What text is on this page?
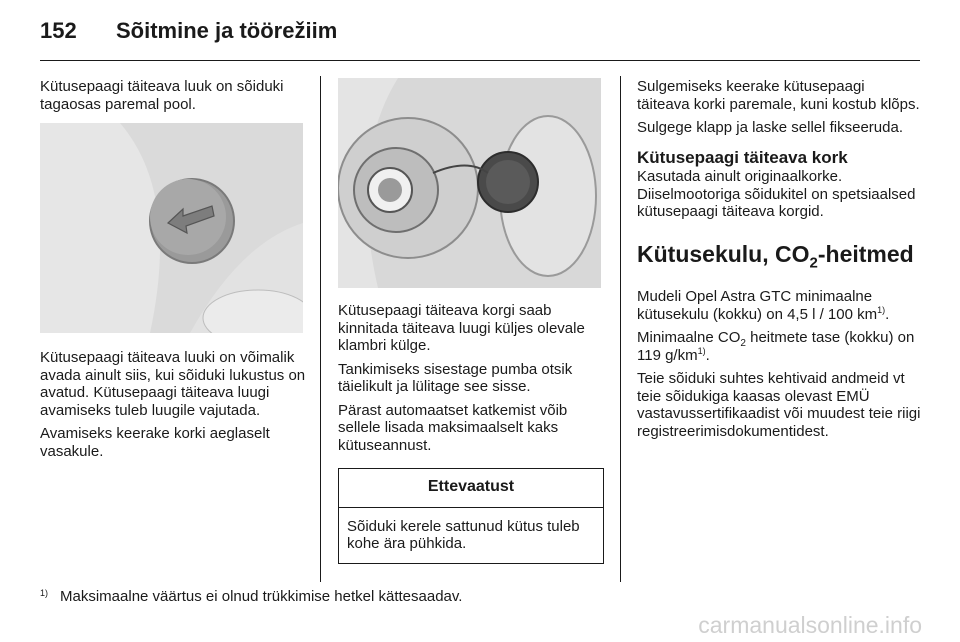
152	Sõitmine ja töörežiim

Kütusepaagi täiteava luuk on sõiduki tagaosas paremal pool.

Kütusepaagi täiteava luuki on võimalik avada ainult siis, kui sõiduki lukustus on avatud. Kütusepaagi täiteava luugi avamiseks tuleb luugile vajutada.

Avamiseks keerake korki aeglaselt vasakule.

Kütusepaagi täiteava korgi saab kinnitada täiteava luugi küljes olevale klambri külge.

Tankimiseks sisestage pumba otsik täielikult ja lülitage see sisse.

Pärast automaatset katkemist võib sellele lisada maksimaalselt kaks kütuseannust.

Ettevaatust
Sõiduki kerele sattunud kütus tuleb kohe ära pühkida.

Sulgemiseks keerake kütusepaagi täiteava korki paremale, kuni kostub klõps.

Sulgege klapp ja laske sellel fikseeruda.

Kütusepaagi täiteava kork

Kasutada ainult originaalkorke. Diiselmootoriga sõidukitel on spetsiaalsed kütusepaagi täiteava korgid.

Kütusekulu, $CO_2$-heitmed

Mudeli Opel Astra GTC minimaalne kütusekulu (kokku) on 4,5 l / 100 $km^{1)}$.

Minimaalne $CO_2$ heitmete tase (kokku) on 119 $g/km^{1)}$.

Teie sõiduki suhtes kehtivaid andmeid vt teie sõidukiga kaasas olevast EMÜ vastavussertifikaadist või muudest teie riigi registreerimisdokumentidest.

1) Maksimaalne väärtus ei olnud trükkimise hetkel kättesaadav.
carmanualsonline.info
